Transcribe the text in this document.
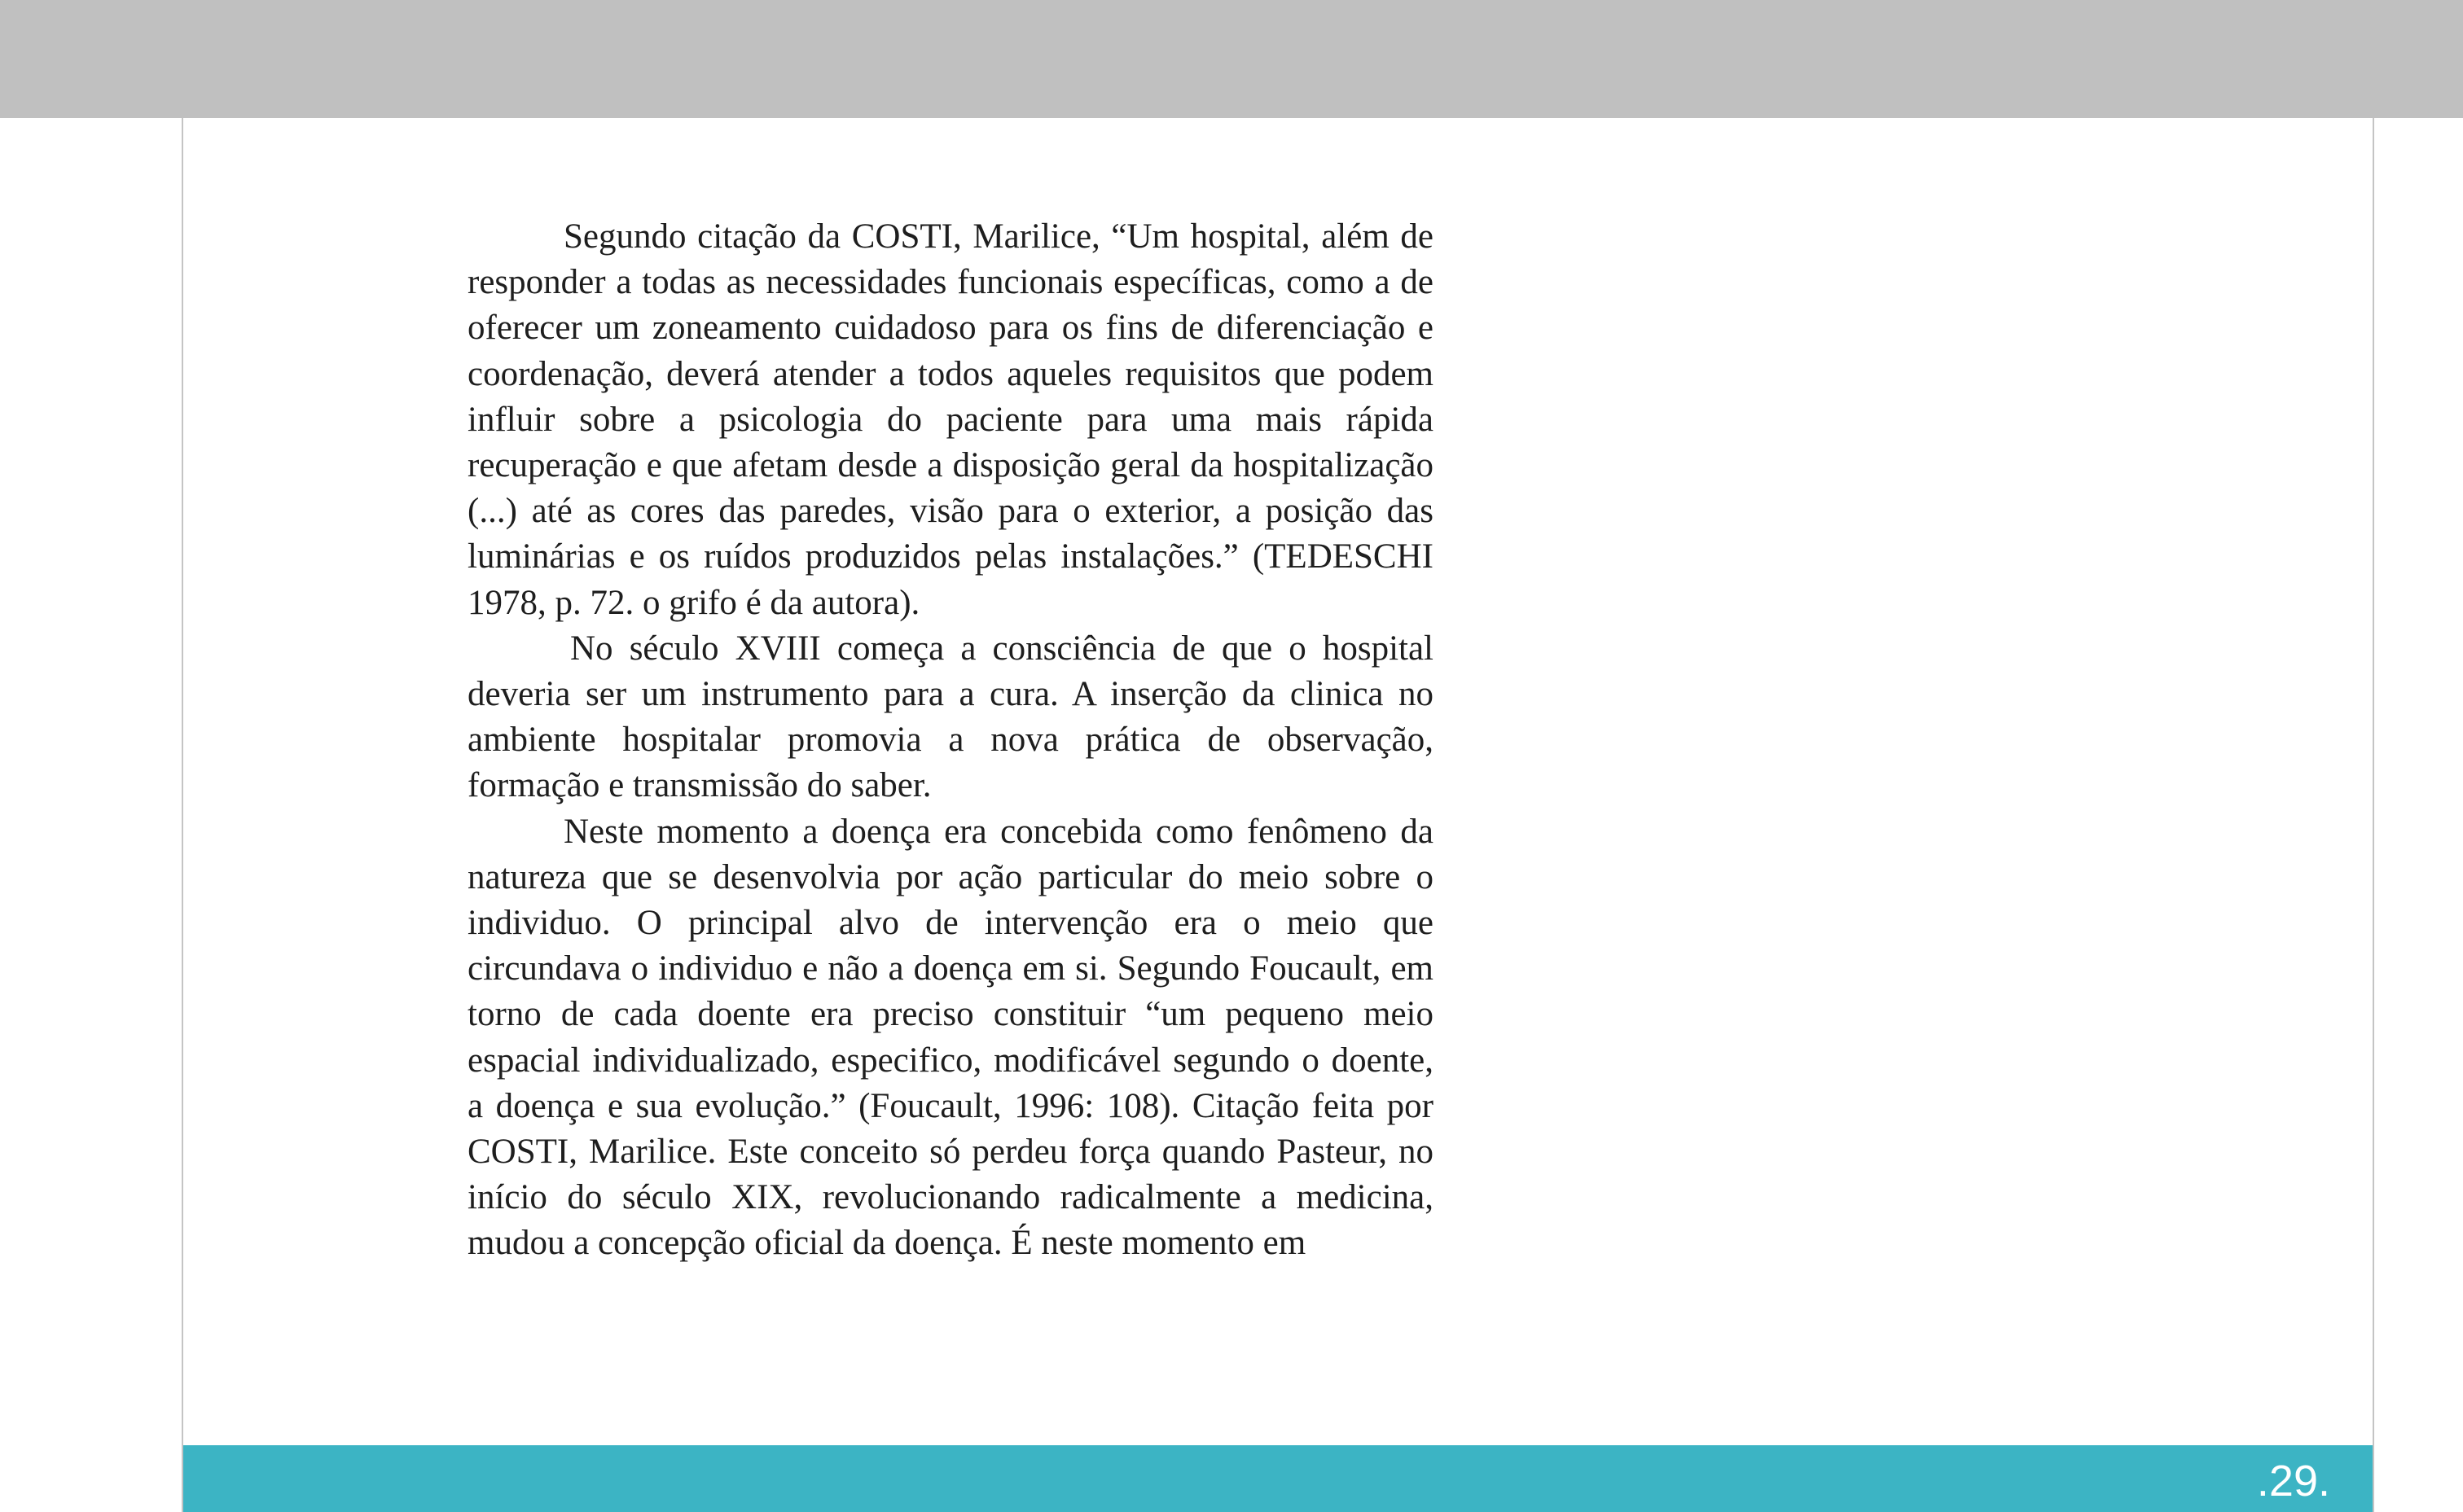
Segundo citação da COSTI, Marilice, “Um hospital, além de responder a todas as necessidades funcionais específicas, como a de oferecer um zoneamento cuidadoso para os fins de diferenciação e coordenação, deverá atender a todos aqueles requisitos que podem influir sobre a psicologia do paciente para uma mais rápida recuperação e que afetam desde a disposição geral da hospitalização (...) até as cores das paredes, visão para o exterior, a posição das luminárias e os ruídos produzidos pelas instalações.” (TEDESCHI 1978, p. 72. o grifo é da autora).

No século XVIII começa a consciência de que o hospital deveria ser um instrumento para a cura. A inserção da clinica no ambiente hospitalar promovia a nova prática de observação, formação e transmissão do saber.

Neste momento a doença era concebida como fenômeno da natureza que se desenvolvia por ação particular do meio sobre o individuo. O principal alvo de intervenção era o meio que circundava o individuo e não a doença em si. Segundo Foucault, em torno de cada doente era preciso constituir “um pequeno meio espacial individualizado, especifico, modificável segundo o doente, a doença e sua evolução.” (Foucault, 1996: 108). Citação feita por COSTI, Marilice. Este conceito só perdeu força quando Pasteur, no início do século XIX, revolucionando radicalmente a medicina, mudou a concepção oficial da doença. É neste momento em

.29.
